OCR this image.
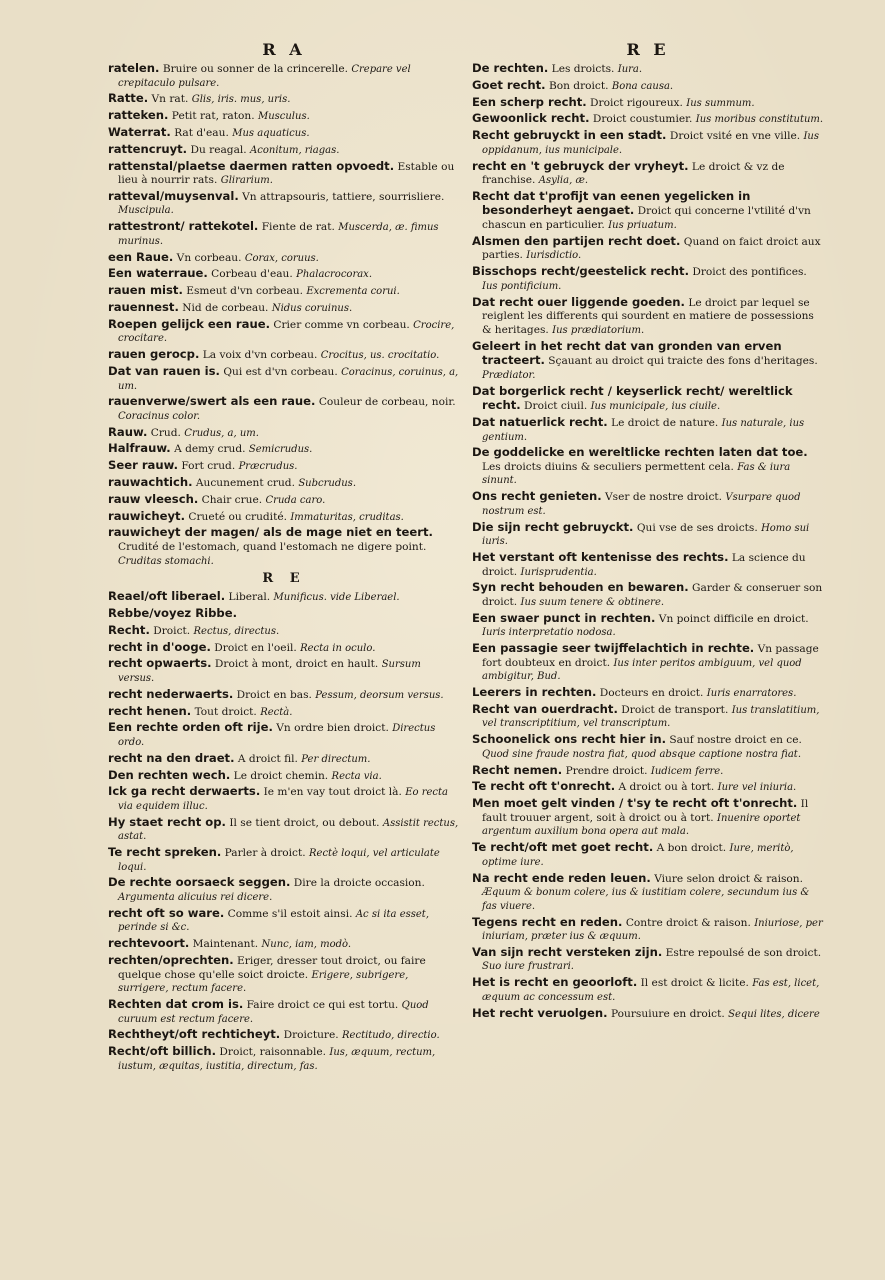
R A
ratelen. Bruire ou sonner de la crincerelle. Crepare vel crepitaculo pulsare.
Ratte. Vn rat. Glis, iris. mus, uris.
ratteken. Petit rat, raton. Musculus.
Waterrat. Rat d'eau. Mus aquaticus.
rattencruyt. Du reagal. Aconitum, riagas.
rattenstal/plaetse daermen ratten opvoedt. Estable ou lieu à nourrir rats. Glirarium.
ratteval/muysenval. Vn attrapsouris, tattiere, sourrisliere. Muscipula.
rattestront/ rattekotel. Fiente de rat. Muscerda, æ. fimus murinus.
een Raue. Vn corbeau. Corax, coruus.
Een waterraue. Corbeau d'eau. Phalacrocorax.
rauen mist. Esmeut d'vn corbeau. Excrementa corui.
rauennest. Nid de corbeau. Nidus coruinus.
Roepen gelijck een raue. Crier comme vn corbeau. Crocire, crocitare.
rauen gerocp. La voix d'vn corbeau. Crocitus, us. crocitatio.
Dat van rauen is. Qui est d'vn corbeau. Coracinus, coruinus, a, um.
rauenverwe/swert als een raue. Couleur de corbeau, noir. Coracinus color.
Rauw. Crud. Crudus, a, um.
Halfrauw. A demy crud. Semicrudus.
Seer rauw. Fort crud. Præcrudus.
rauwachtich. Aucunement crud. Subcrudus.
rauw vleesch. Chair crue. Cruda caro.
rauwicheyt. Crueté ou crudité. Immaturitas, cruditas.
rauwicheyt der magen/ als de mage niet en teert. Crudité de l'estomach, quand l'estomach ne digere point. Cruditas stomachi.
R E
Reael/oft liberael. Liberal. Munificus. vide Liberael.
Rebbe/voyez Ribbe.
Recht. Droict. Rectus, directus.
recht in d'ooge. Droict en l'oeil. Recta in oculo.
recht opwaerts. Droict à mont, droict en hault. Sursum versus.
recht nederwaerts. Droict en bas. Pessum, deorsum versus.
recht henen. Tout droict. Rectà.
Een rechte orden oft rije. Vn ordre bien droict. Directus ordo.
recht na den draet. A droict fil. Per directum.
Den rechten wech. Le droict chemin. Recta via.
Ick ga recht derwaerts. Ie m'en vay tout droict là. Eo recta via equidem illuc.
Hy staet recht op. Il se tient droict, ou debout. Assistit rectus, astat.
Te recht spreken. Parler à droict. Rectè loqui, vel articulate loqui.
De rechte oorsaeck seggen. Dire la droicte occasion. Argumenta alicuius rei dicere.
recht oft so ware. Comme s'il estoit ainsi. Ac si ita esset, perinde si &c.
rechtevoort. Maintenant. Nunc, iam, modò.
rechten/oprechten. Eriger, dresser tout droict, ou faire quelque chose qu'elle soict droicte. Erigere, subrigere, surrigere, rectum facere.
Rechten dat crom is. Faire droict ce qui est tortu. Quod curuum est rectum facere.
Rechtheyt/oft rechticheyt. Droicture. Rectitudo, directio.
Recht/oft billich. Droict, raisonnable. Ius, æquum, rectum, iustum, æquitas, iustitia, directum, fas.
R E
De rechten. Les droicts. Iura.
Goet recht. Bon droict. Bona causa.
Een scherp recht. Droict rigoureux. Ius summum.
Gewoonlick recht. Droict coustumier. Ius moribus constitutum.
Recht gebruyckt in een stadt. Droict vsité en vne ville. Ius oppidanum, ius municipale.
recht en 't gebruyck der vryheyt. Le droict & vz de franchise. Asylia, æ.
Recht dat t'profijt van eenen yegelicken in besonderheyt aengaet. Droict qui concerne l'vtilité d'vn chascun en particulier. Ius priuatum.
Alsmen den partijen recht doet. Quand on faict droict aux parties. Iurisdictio.
Bisschops recht/geestelick recht. Droict des pontifices. Ius pontificium.
Dat recht ouer liggende goeden. Le droict par lequel se reiglent les differents qui sourdent en matiere de possessions & heritages. Ius prædiatorium.
Geleert in het recht dat van gronden van erven tracteert. Sçauant au droict qui traicte des fons d'heritages. Prædiator.
Dat borgerlick recht / keyserlick recht/ wereltlick recht. Droict ciuil. Ius municipale, ius ciuile.
Dat natuerlick recht. Le droict de nature. Ius naturale, ius gentium.
De goddelicke en wereltlicke rechten laten dat toe. Les droicts diuins & seculiers permettent cela. Fas & iura sinunt.
Ons recht genieten. Vser de nostre droict. Vsurpare quod nostrum est.
Die sijn recht gebruyckt. Qui vse de ses droicts. Homo sui iuris.
Het verstant oft kentenisse des rechts. La science du droict. Iurisprudentia.
Syn recht behouden en bewaren. Garder & conseruer son droict. Ius suum tenere & obtinere.
Een swaer punct in rechten. Vn poinct difficile en droict. Iuris interpretatio nodosa.
Een passagie seer twijffelachtich in rechte. Vn passage fort doubteux en droict. Ius inter peritos ambiguum, vel quod ambigitur, Bud.
Leerers in rechten. Docteurs en droict. Iuris enarratores.
Recht van ouerdracht. Droict de transport. Ius translatitium, vel transcriptitium, vel transcriptum.
Schoonelick ons recht hier in. Sauf nostre droict en ce. Quod sine fraude nostra fiat, quod absque captione nostra fiat.
Recht nemen. Prendre droict. Iudicem ferre.
Te recht oft t'onrecht. A droict ou à tort. Iure vel iniuria.
Men moet gelt vinden / t'sy te recht oft t'onrecht. Il fault trouuer argent, soit à droict ou à tort. Inuenire oportet argentum auxilium bona opera aut mala.
Te recht/oft met goet recht. A bon droict. Iure, meritò, optime iure.
Na recht ende reden leuen. Viure selon droict & raison. Æquum & bonum colere, ius & iustitiam colere, secundum ius & fas viuere.
Tegens recht en reden. Contre droict & raison. Iniuriose, per iniuriam, præter ius & æquum.
Van sijn recht versteken zijn. Estre repoulsé de son droict. Suo iure frustrari.
Het is recht en geoorloft. Il est droict & licite. Fas est, licet, æquum ac concessum est.
Het recht veruolgen. Poursuiure en droict. Sequi lites, dicere
